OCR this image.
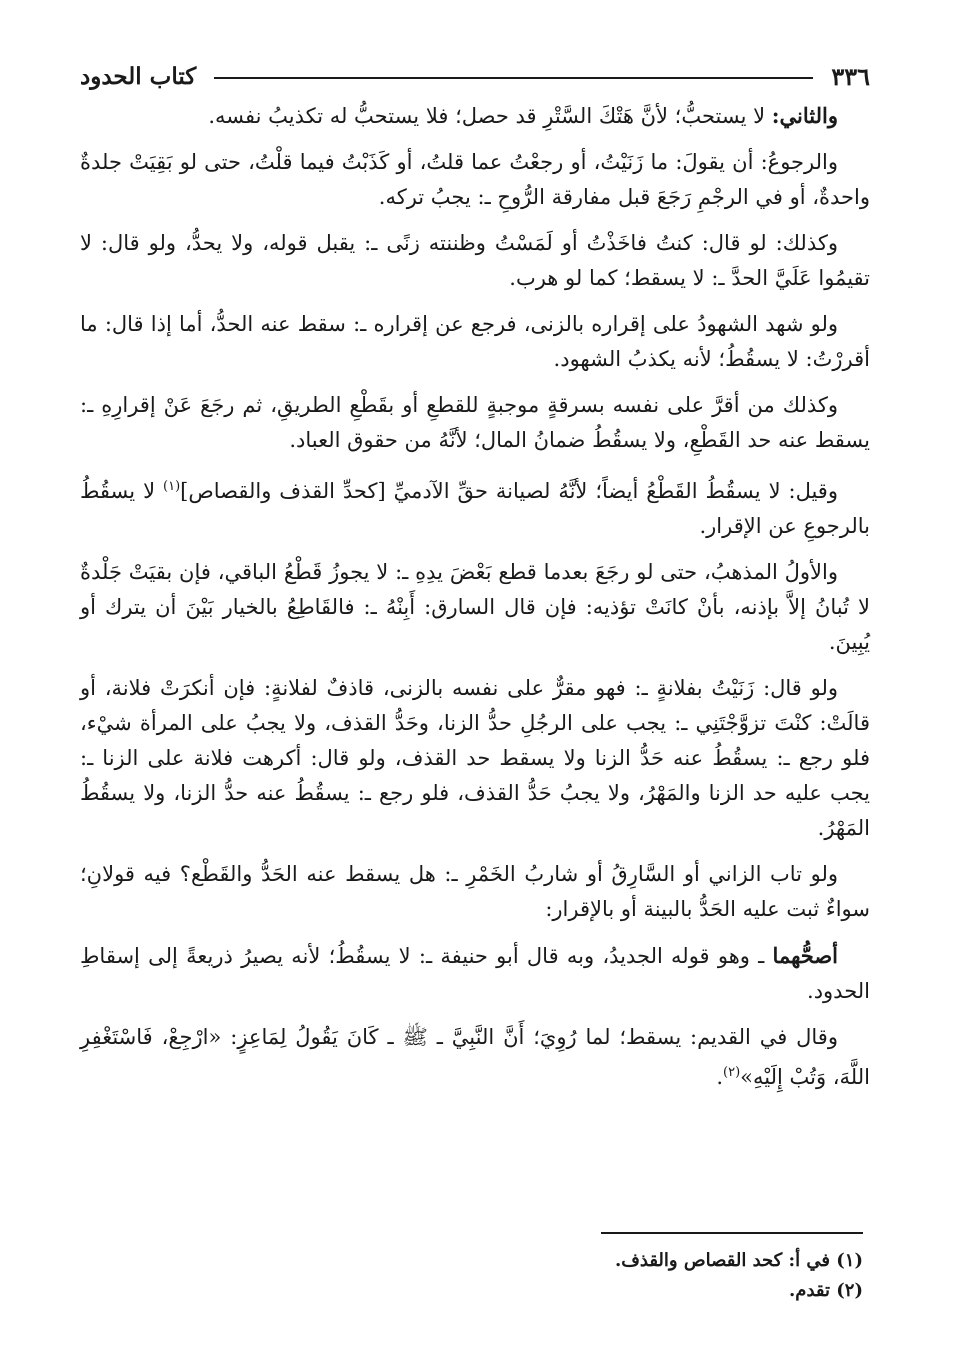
٣٣٦
كتاب الحدود

والثاني: لا يستحبُّ؛ لأنَّ هَتْكَ السَّتْرِ قد حصل؛ فلا يستحبُّ له تكذيبُ نفسه.

والرجوعُ: أن يقولَ: ما زَنَيْتُ، أو رجعْتُ عما قلتُ، أو كَذَبْتُ فيما قلْتُ، حتى لو بَقِيَتْ جلدةٌ واحدةٌ، أو في الرجْمِ رَجَعَ قبل مفارقة الرُّوحِ ـ: يجبُ تركه.

وكذلك: لو قال: كنتُ فاخَذْتُ أو لَمَسْتُ وظننته زنًى ـ: يقبل قوله، ولا يحدُّ، ولو قال: لا تقيمُوا عَلَيَّ الحدَّ ـ: لا يسقط؛ كما لو هرب.

ولو شهد الشهودُ على إقراره بالزنى، فرجع عن إقراره ـ: سقط عنه الحدُّ، أما إذا قال: ما أقررْتُ: لا يسقُطُ؛ لأنه يكذبُ الشهود.

وكذلك من أقرَّ على نفسه بسرقةٍ موجبةٍ للقطعِ أو بقَطْعِ الطريقِ، ثم رجَعَ عَنْ إقرارِهِ ـ: يسقط عنه حد القَطْعِ، ولا يسقُطُ ضمانُ المال؛ لأنَّهُ من حقوق العباد.

وقيل: لا يسقُطُ القَطْعُ أيضاً؛ لأنَّهُ لصيانة حقِّ الآدميِّ [كحدِّ القذف والقصاص]$^{(١)}$ لا يسقُطُ بالرجوعِ عن الإقرار.

والأولُ المذهبُ، حتى لو رجَعَ بعدما قطع بَعْضَ يدِهِ ـ: لا يجوزُ قَطْعُ الباقي، فإن بقيَتْ جَلْدةٌ لا تُبانُ إلاَّ بإذنه، بأنْ كانَتْ تؤذيه: فإن قال السارق: أَبِنْهُ ـ: فالقَاطِعُ بالخيار بَيْنَ أن يترك أو يُبِينَ.

ولو قال: زَنَيْتُ بفلانةٍ ـ: فهو مقرٌّ على نفسه بالزنى، قاذفٌ لفلانةٍ: فإن أنكرَتْ فلانة، أو قالَتْ: كنْتَ تزوَّجْتَنِي ـ: يجب على الرجُلِ حدُّ الزنا، وحَدُّ القذف، ولا يجبُ على المرأة شيْء، فلو رجع ـ: يسقُطُ عنه حَدُّ الزنا ولا يسقط حد القذف، ولو قال: أكرهت فلانة على الزنا ـ: يجب عليه حد الزنا والمَهْرُ، ولا يجبُ حَدُّ القذف، فلو رجع ـ: يسقُطُ عنه حدُّ الزنا، ولا يسقُطُ المَهْرُ.

ولو تاب الزاني أو السَّارِقُ أو شاربُ الخَمْرِ ـ: هل يسقط عنه الحَدُّ والقَطْع؟ فيه قولانِ؛ سواءٌ ثبت عليه الحَدُّ بالبينة أو بالإقرار:

أصحُّهما ـ وهو قوله الجديدُ، وبه قال أبو حنيفة ـ: لا يسقُطُ؛ لأنه يصيرُ ذريعةً إلى إسقاطِ الحدود.

وقال في القديم: يسقط؛ لما رُوِيَ؛ أَنَّ النَّبِيَّ ـ ﷺ ـ كَانَ يَقُولُ لِمَاعِزٍ: «ارْجِعْ، فَاسْتَغْفِرِ اللَّهَ، وَتُبْ إِلَيْهِ»$^{(٢)}$.

(١) في أ: كحد القصاص والقذف.
(٢) تقدم.
